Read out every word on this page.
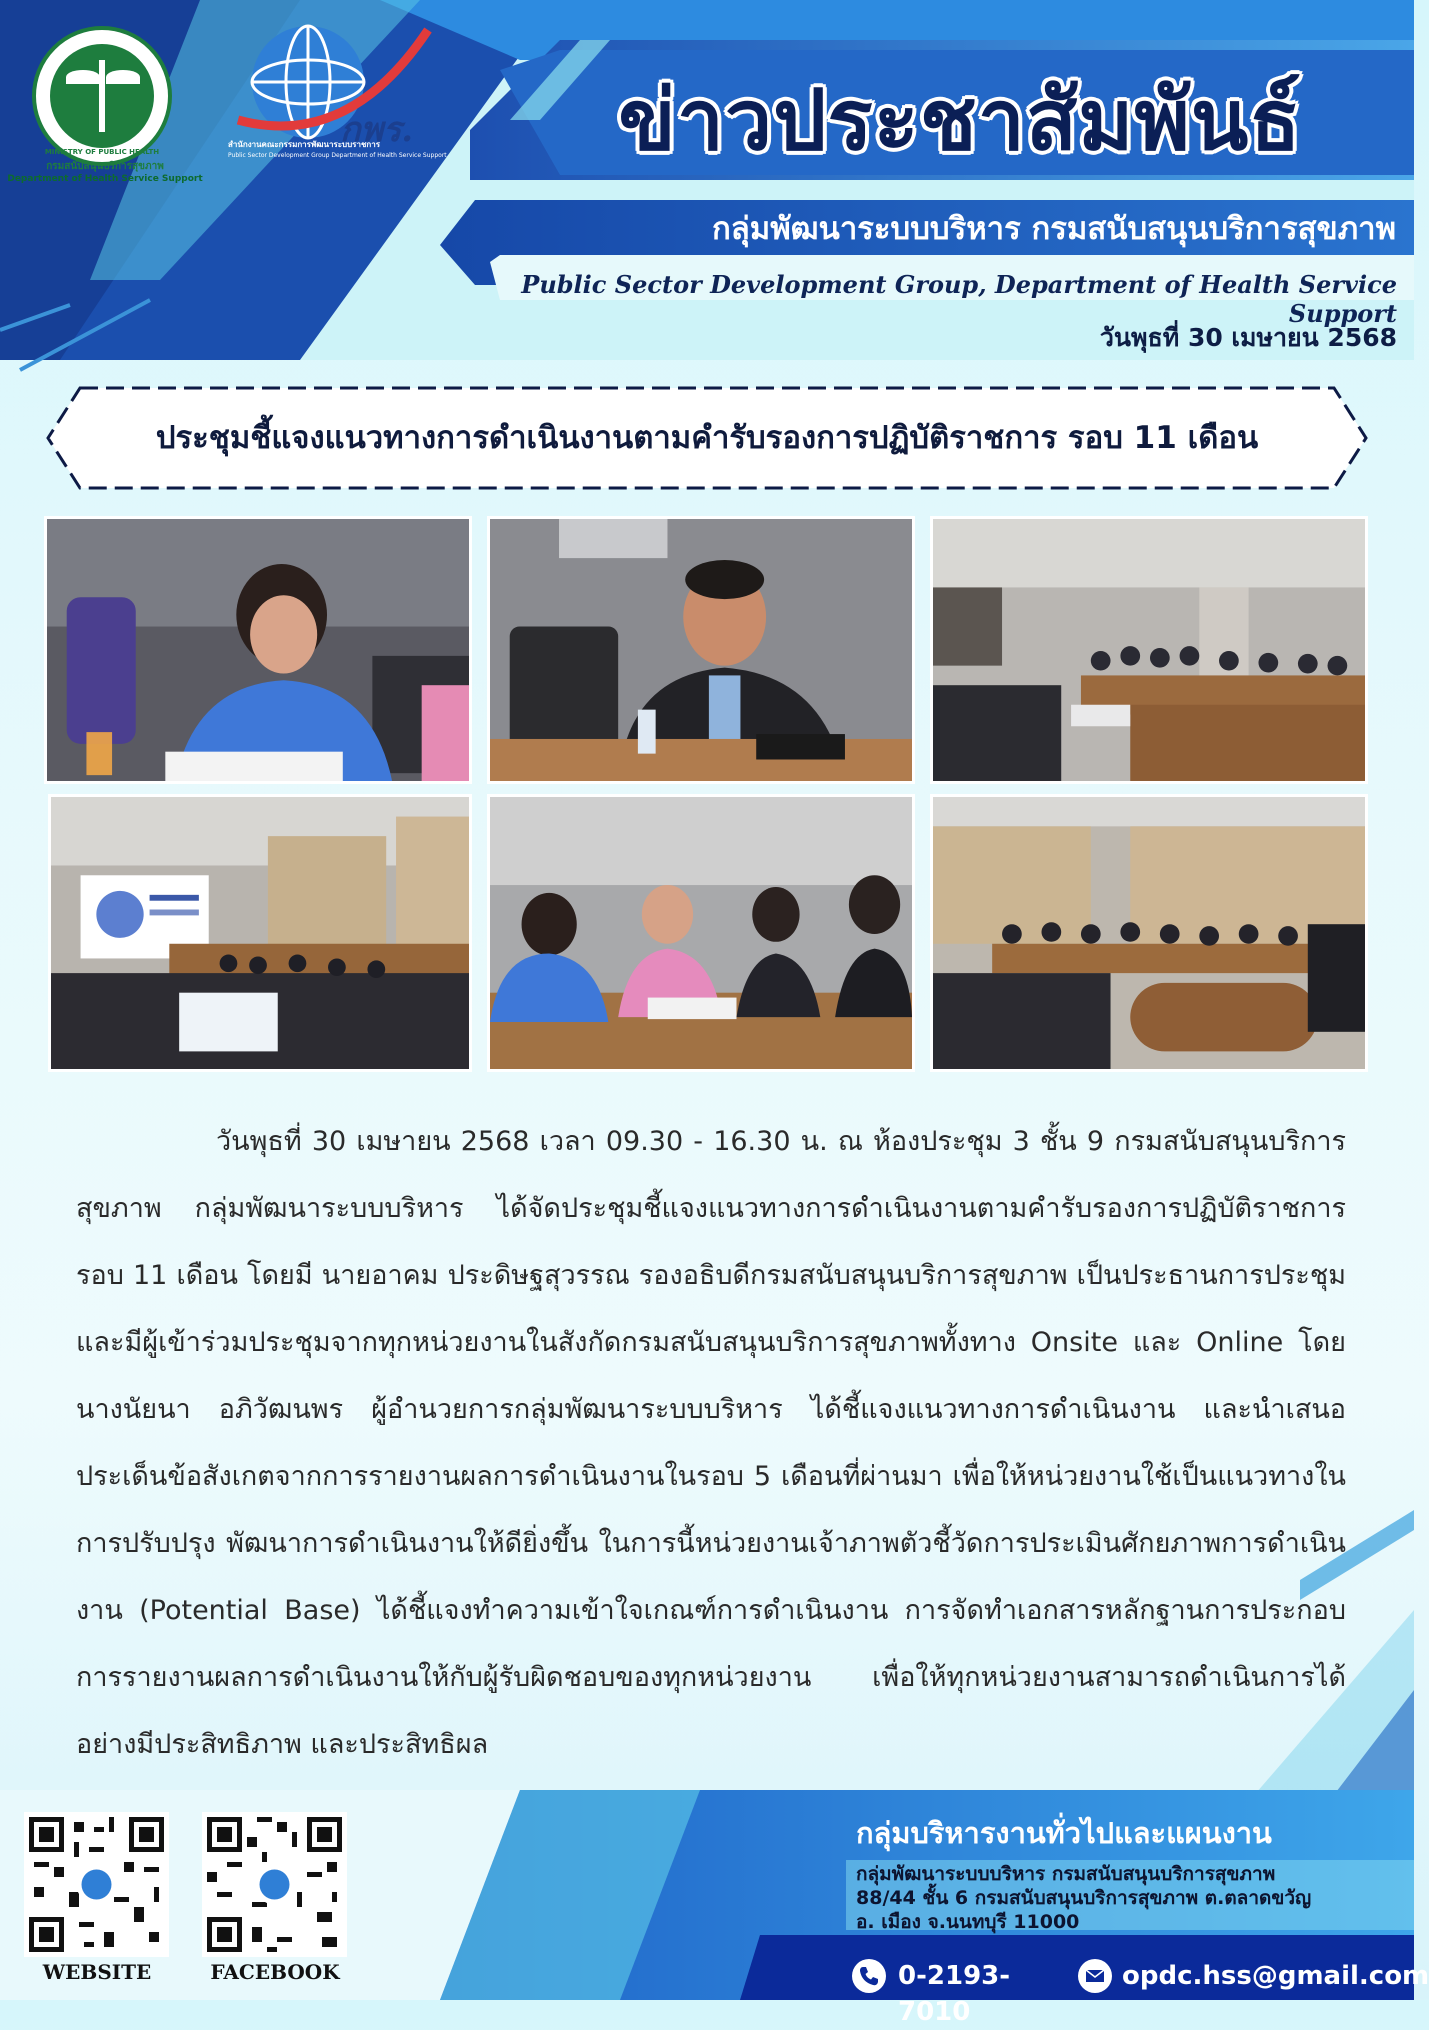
MINISTRY OF PUBLIC HEALTH
กรมสนับสนุนบริการสุขภาพ
Department of Health Service Support
กพร.
สำนักงานคณะกรรมการพัฒนาระบบราชการ
Public Sector Development Group Department of Health Service Support	ข่าวประชาสัมพันธ์
กลุ่มพัฒนาระบบบริหาร กรมสนับสนุนบริการสุขภาพ
Public Sector Development Group, Department of Health Service Support
วันพุธที่ 30 เมษายน 2568
ประชุมชี้แจงแนวทางการดำเนินงานตามคำรับรองการปฏิบัติราชการ รอบ 11 เดือน
วันพุธที่ 30 เมษายน 2568 เวลา 09.30 - 16.30 น. ณ ห้องประชุม 3 ชั้น 9 กรมสนับสนุนบริการสุขภาพ กลุ่มพัฒนาระบบบริหาร ได้จัดประชุมชี้แจงแนวทางการดำเนินงานตามคำรับรองการปฏิบัติราชการ รอบ 11 เดือน โดยมี นายอาคม ประดิษฐสุวรรณ รองอธิบดีกรมสนับสนุนบริการสุขภาพ เป็นประธานการประชุม และมีผู้เข้าร่วมประชุมจากทุกหน่วยงานในสังกัดกรมสนับสนุนบริการสุขภาพทั้งทาง Onsite และ Online โดย นางนัยนา อภิวัฒนพร ผู้อำนวยการกลุ่มพัฒนาระบบบริหาร ได้ชี้แจงแนวทางการดำเนินงาน และนำเสนอประเด็นข้อสังเกตจากการรายงานผลการดำเนินงานในรอบ 5 เดือนที่ผ่านมา เพื่อให้หน่วยงานใช้เป็นแนวทางในการปรับปรุง พัฒนาการดำเนินงานให้ดียิ่งขึ้น ในการนี้หน่วยงานเจ้าภาพตัวชี้วัดการประเมินศักยภาพการดำเนินงาน (Potential Base) ได้ชี้แจงทำความเข้าใจเกณฑ์การดำเนินงาน การจัดทำเอกสารหลักฐานการประกอบการรายงานผลการดำเนินงานให้กับผู้รับผิดชอบของทุกหน่วยงาน เพื่อให้ทุกหน่วยงานสามารถดำเนินการได้อย่างมีประสิทธิภาพ และประสิทธิผล
WEBSITE	FACEBOOK
กลุ่มบริหารงานทั่วไปและแผนงาน
กลุ่มพัฒนาระบบบริหาร กรมสนับสนุนบริการสุขภาพ
88/44 ชั้น 6 กรมสนับสนุนบริการสุขภาพ ต.ตลาดขวัญ
อ. เมือง จ.นนทบุรี 11000
0-2193-7010
opdc.hss@gmail.com
